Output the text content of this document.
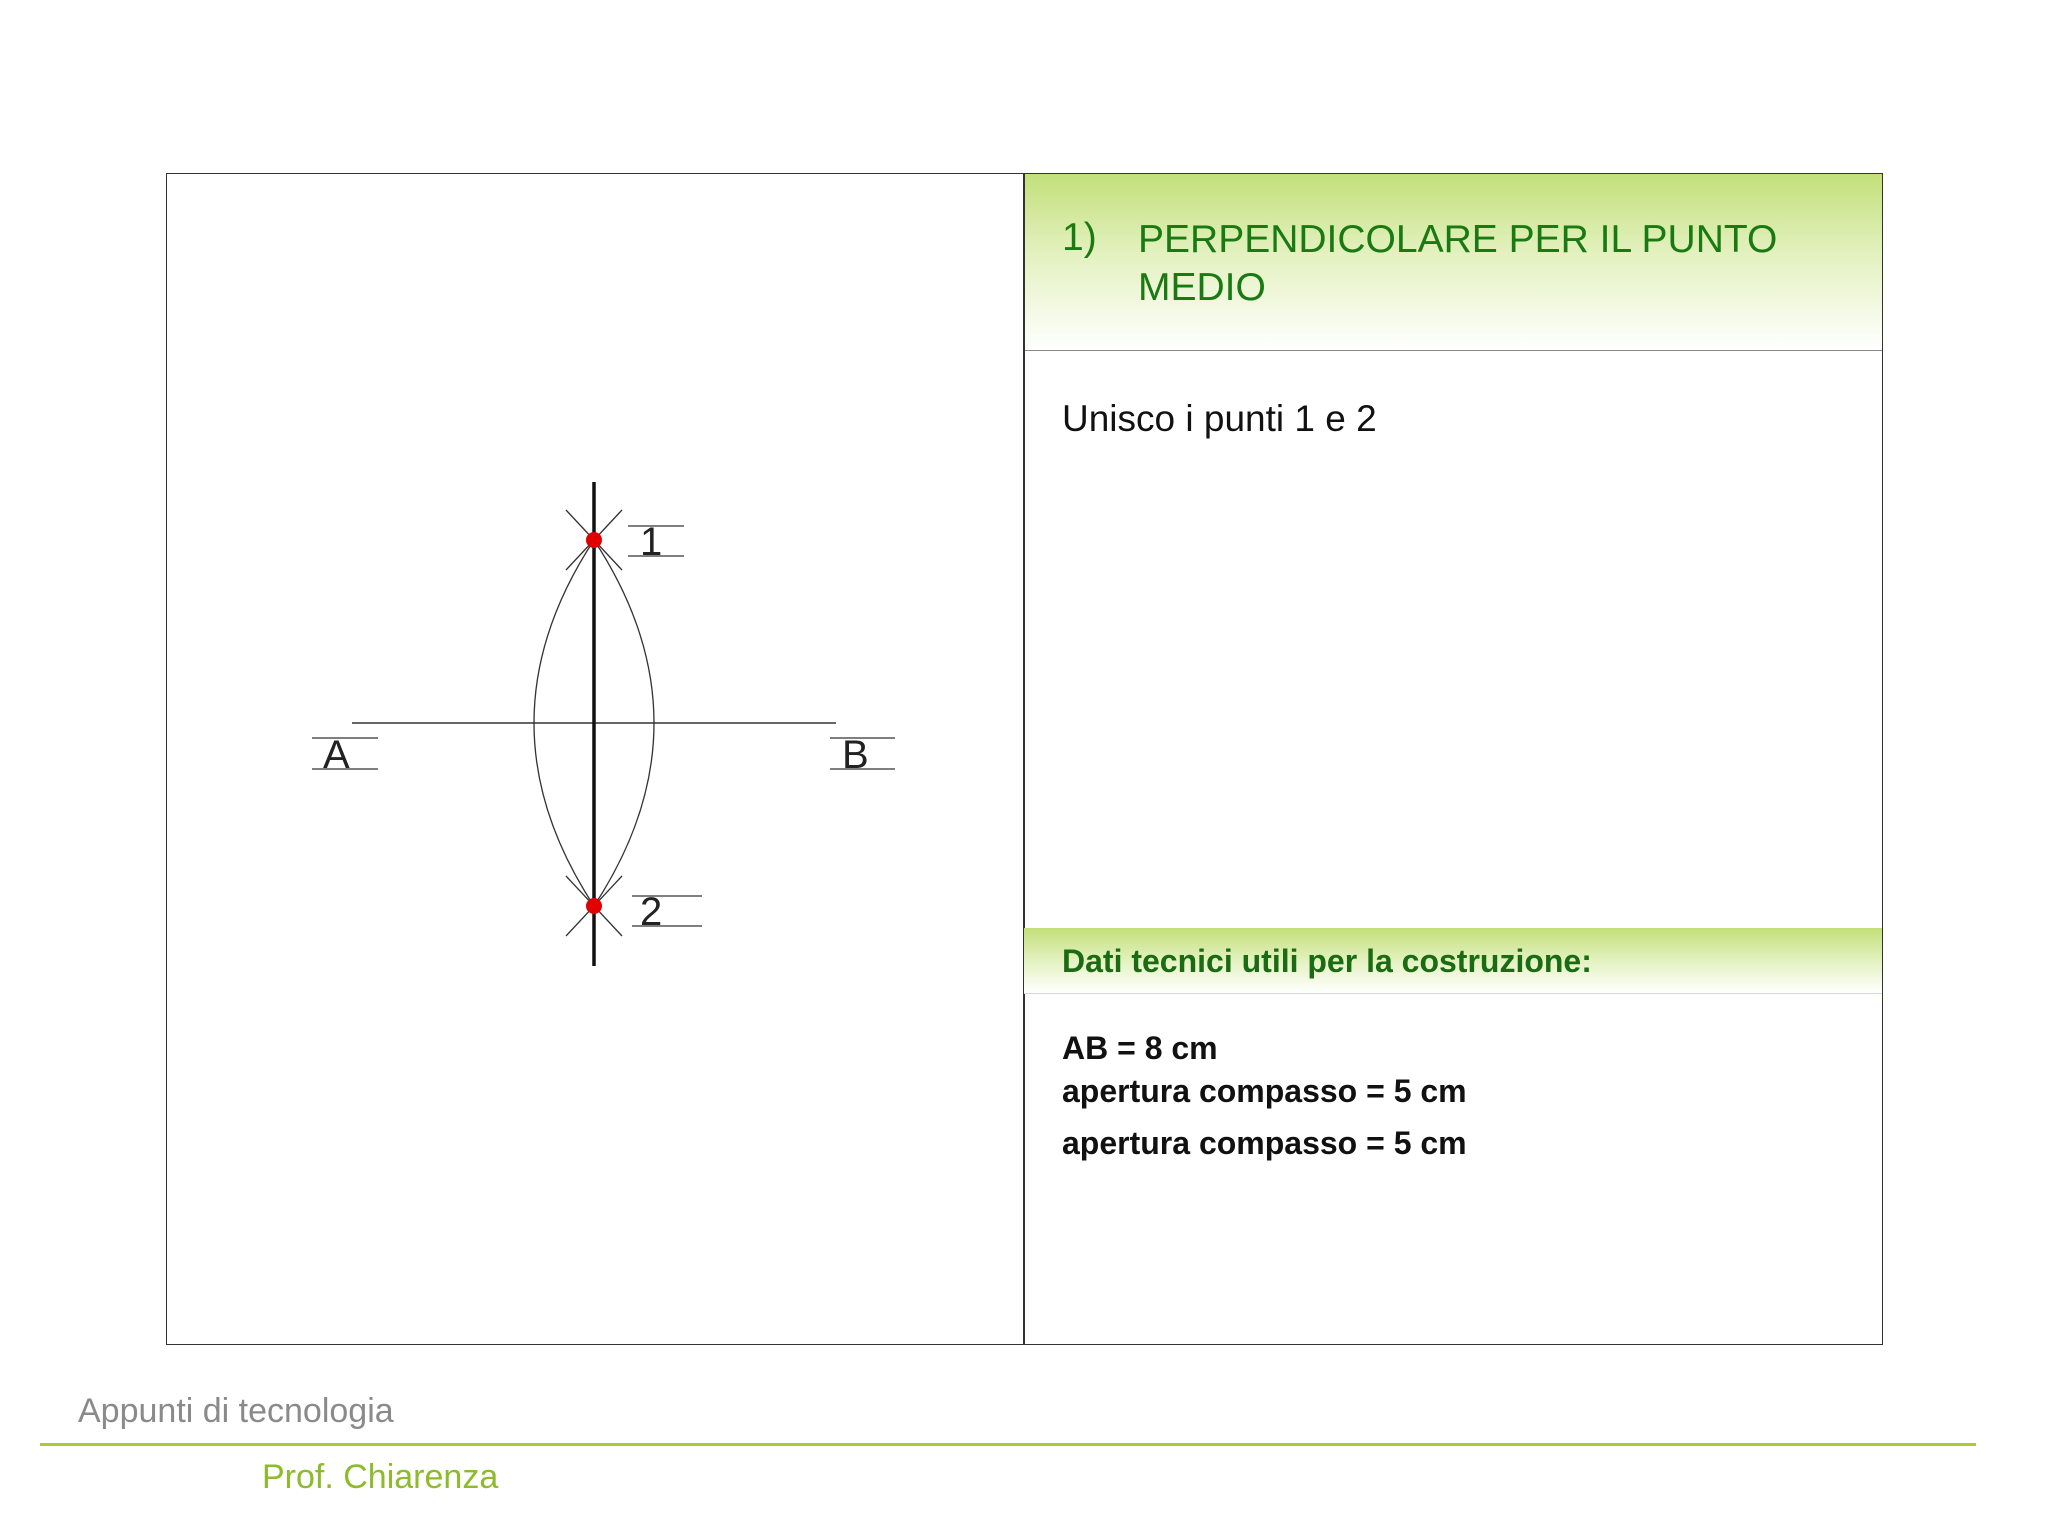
1) PERPENDICOLARE PER IL PUNTO MEDIO
Unisco i punti 1 e 2
Dati tecnici utili per la costruzione:
AB = 8 cm
apertura compasso = 5 cm
apertura compasso = 5 cm
A	B
1
2
Appunti di tecnologia
Prof. Chiarenza
